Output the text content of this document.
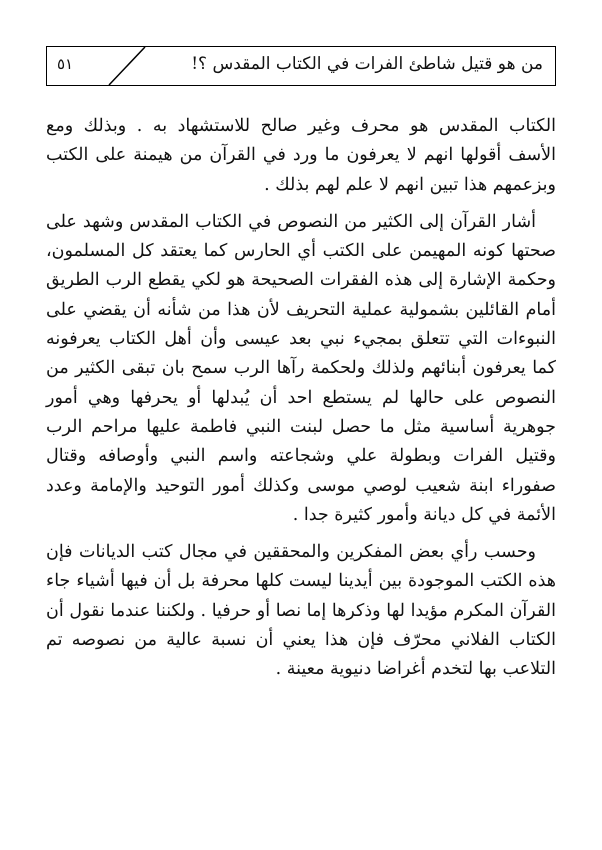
٥١	من هو قتيل شاطئ الفرات في الكتاب المقدس ؟!

الكتاب المقدس هو محرف وغير صالح للاستشهاد به . وبذلك ومع الأسف أقولها انهم لا يعرفون ما ورد في القرآن من هيمنة على الكتب وبزعمهم هذا تبين انهم لا علم لهم بذلك .

أشار القرآن إلى الكثير من النصوص في الكتاب المقدس وشهد على صحتها كونه المهيمن على الكتب أي الحارس كما يعتقد كل المسلمون، وحكمة الإشارة إلى هذه الفقرات الصحيحة هو لكي يقطع الرب الطريق أمام القائلين بشمولية عملية التحريف لأن هذا من شأنه أن يقضي على النبوءات التي تتعلق بمجيء نبي بعد عيسى وأن أهل الكتاب يعرفونه كما يعرفون أبنائهم ولذلك ولحكمة رآها الرب سمح بان تبقى الكثير من النصوص على حالها لم يستطع احد أن يُبدلها أو يحرفها وهي أمور جوهرية أساسية مثل ما حصل لبنت النبي فاطمة عليها مراحم الرب وقتيل الفرات وبطولة علي وشجاعته واسم النبي وأوصافه وقتال صفوراء ابنة شعيب لوصي موسى وكذلك أمور التوحيد والإمامة وعدد الأئمة في كل ديانة وأمور كثيرة جدا .

وحسب رأي بعض المفكرين والمحققين في مجال كتب الديانات فإن هذه الكتب الموجودة بين أيدينا ليست كلها محرفة بل أن فيها أشياء جاء القرآن المكرم مؤيدا لها وذكرها إما نصا أو حرفيا . ولكننا عندما نقول أن الكتاب الفلاني محرّف فإن هذا يعني أن نسبة عالية من نصوصه تم التلاعب بها لتخدم أغراضا دنيوية معينة .
